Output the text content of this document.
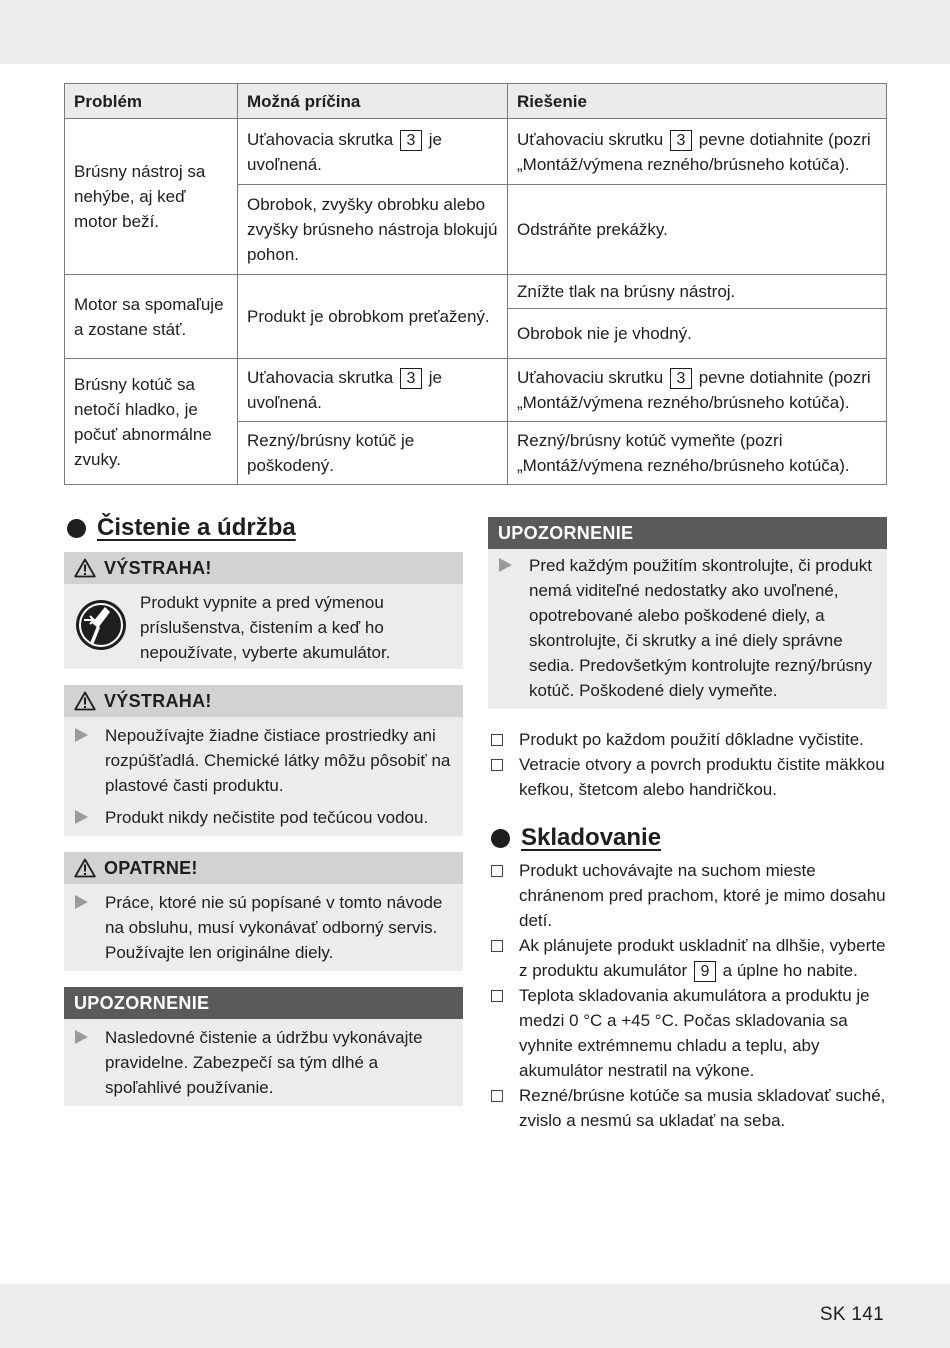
Problém	Možná príčina	Riešenie
Brúsny nástroj sa nehýbe, aj keď motor beží.	Uťahovacia skrutka 3 je uvoľnená.	Uťahovaciu skrutku 3 pevne dotiahnite (pozri „Montáž/výmena rezného/brúsneho kotúča).
	Obrobok, zvyšky obrobku alebo zvyšky brúsneho nástroja blokujú pohon.	Odstráňte prekážky.
Motor sa spomaľuje a zostane stáť.	Produkt je obrobkom preťažený.	Znížte tlak na brúsny nástroj.
		Obrobok nie je vhodný.
Brúsny kotúč sa netočí hladko, je počuť abnormálne zvuky.	Uťahovacia skrutka 3 je uvoľnená.	Uťahovaciu skrutku 3 pevne dotiahnite (pozri „Montáž/výmena rezného/brúsneho kotúča).
	Rezný/brúsny kotúč je poškodený.	Rezný/brúsny kotúč vymeňte (pozri „Montáž/výmena rezného/brúsneho kotúča).
Čistenie a údržba
VÝSTRAHA!
Produkt vypnite a pred výmenou príslušenstva, čistením a keď ho nepoužívate, vyberte akumulátor.
VÝSTRAHA!
Nepoužívajte žiadne čistiace prostriedky ani rozpúšťadlá. Chemické látky môžu pôsobiť na plastové časti produktu.
Produkt nikdy nečistite pod tečúcou vodou.
OPATRNE!
Práce, ktoré nie sú popísané v tomto návode na obsluhu, musí vykonávať odborný servis. Používajte len originálne diely.
UPOZORNENIE
Nasledovné čistenie a údržbu vykonávajte pravidelne. Zabezpečí sa tým dlhé a spoľahlivé používanie.
UPOZORNENIE
Pred každým použitím skontrolujte, či produkt nemá viditeľné nedostatky ako uvoľnené, opotrebované alebo poškodené diely, a skontrolujte, či skrutky a iné diely správne sedia. Predovšetkým kontrolujte rezný/brúsny kotúč. Poškodené diely vymeňte.
Produkt po každom použití dôkladne vyčistite.
Vetracie otvory a povrch produktu čistite mäkkou kefkou, štetcom alebo handričkou.
Skladovanie
Produkt uchovávajte na suchom mieste chránenom pred prachom, ktoré je mimo dosahu detí.
Ak plánujete produkt uskladniť na dlhšie, vyberte z produktu akumulátor 9 a úplne ho nabite.
Teplota skladovania akumulátora a produktu je medzi 0 °C a +45 °C. Počas skladovania sa vyhnite extrémnemu chladu a teplu, aby akumulátor nestratil na výkone.
Rezné/brúsne kotúče sa musia skladovať suché, zvislo a nesmú sa ukladať na seba.
SK 141
